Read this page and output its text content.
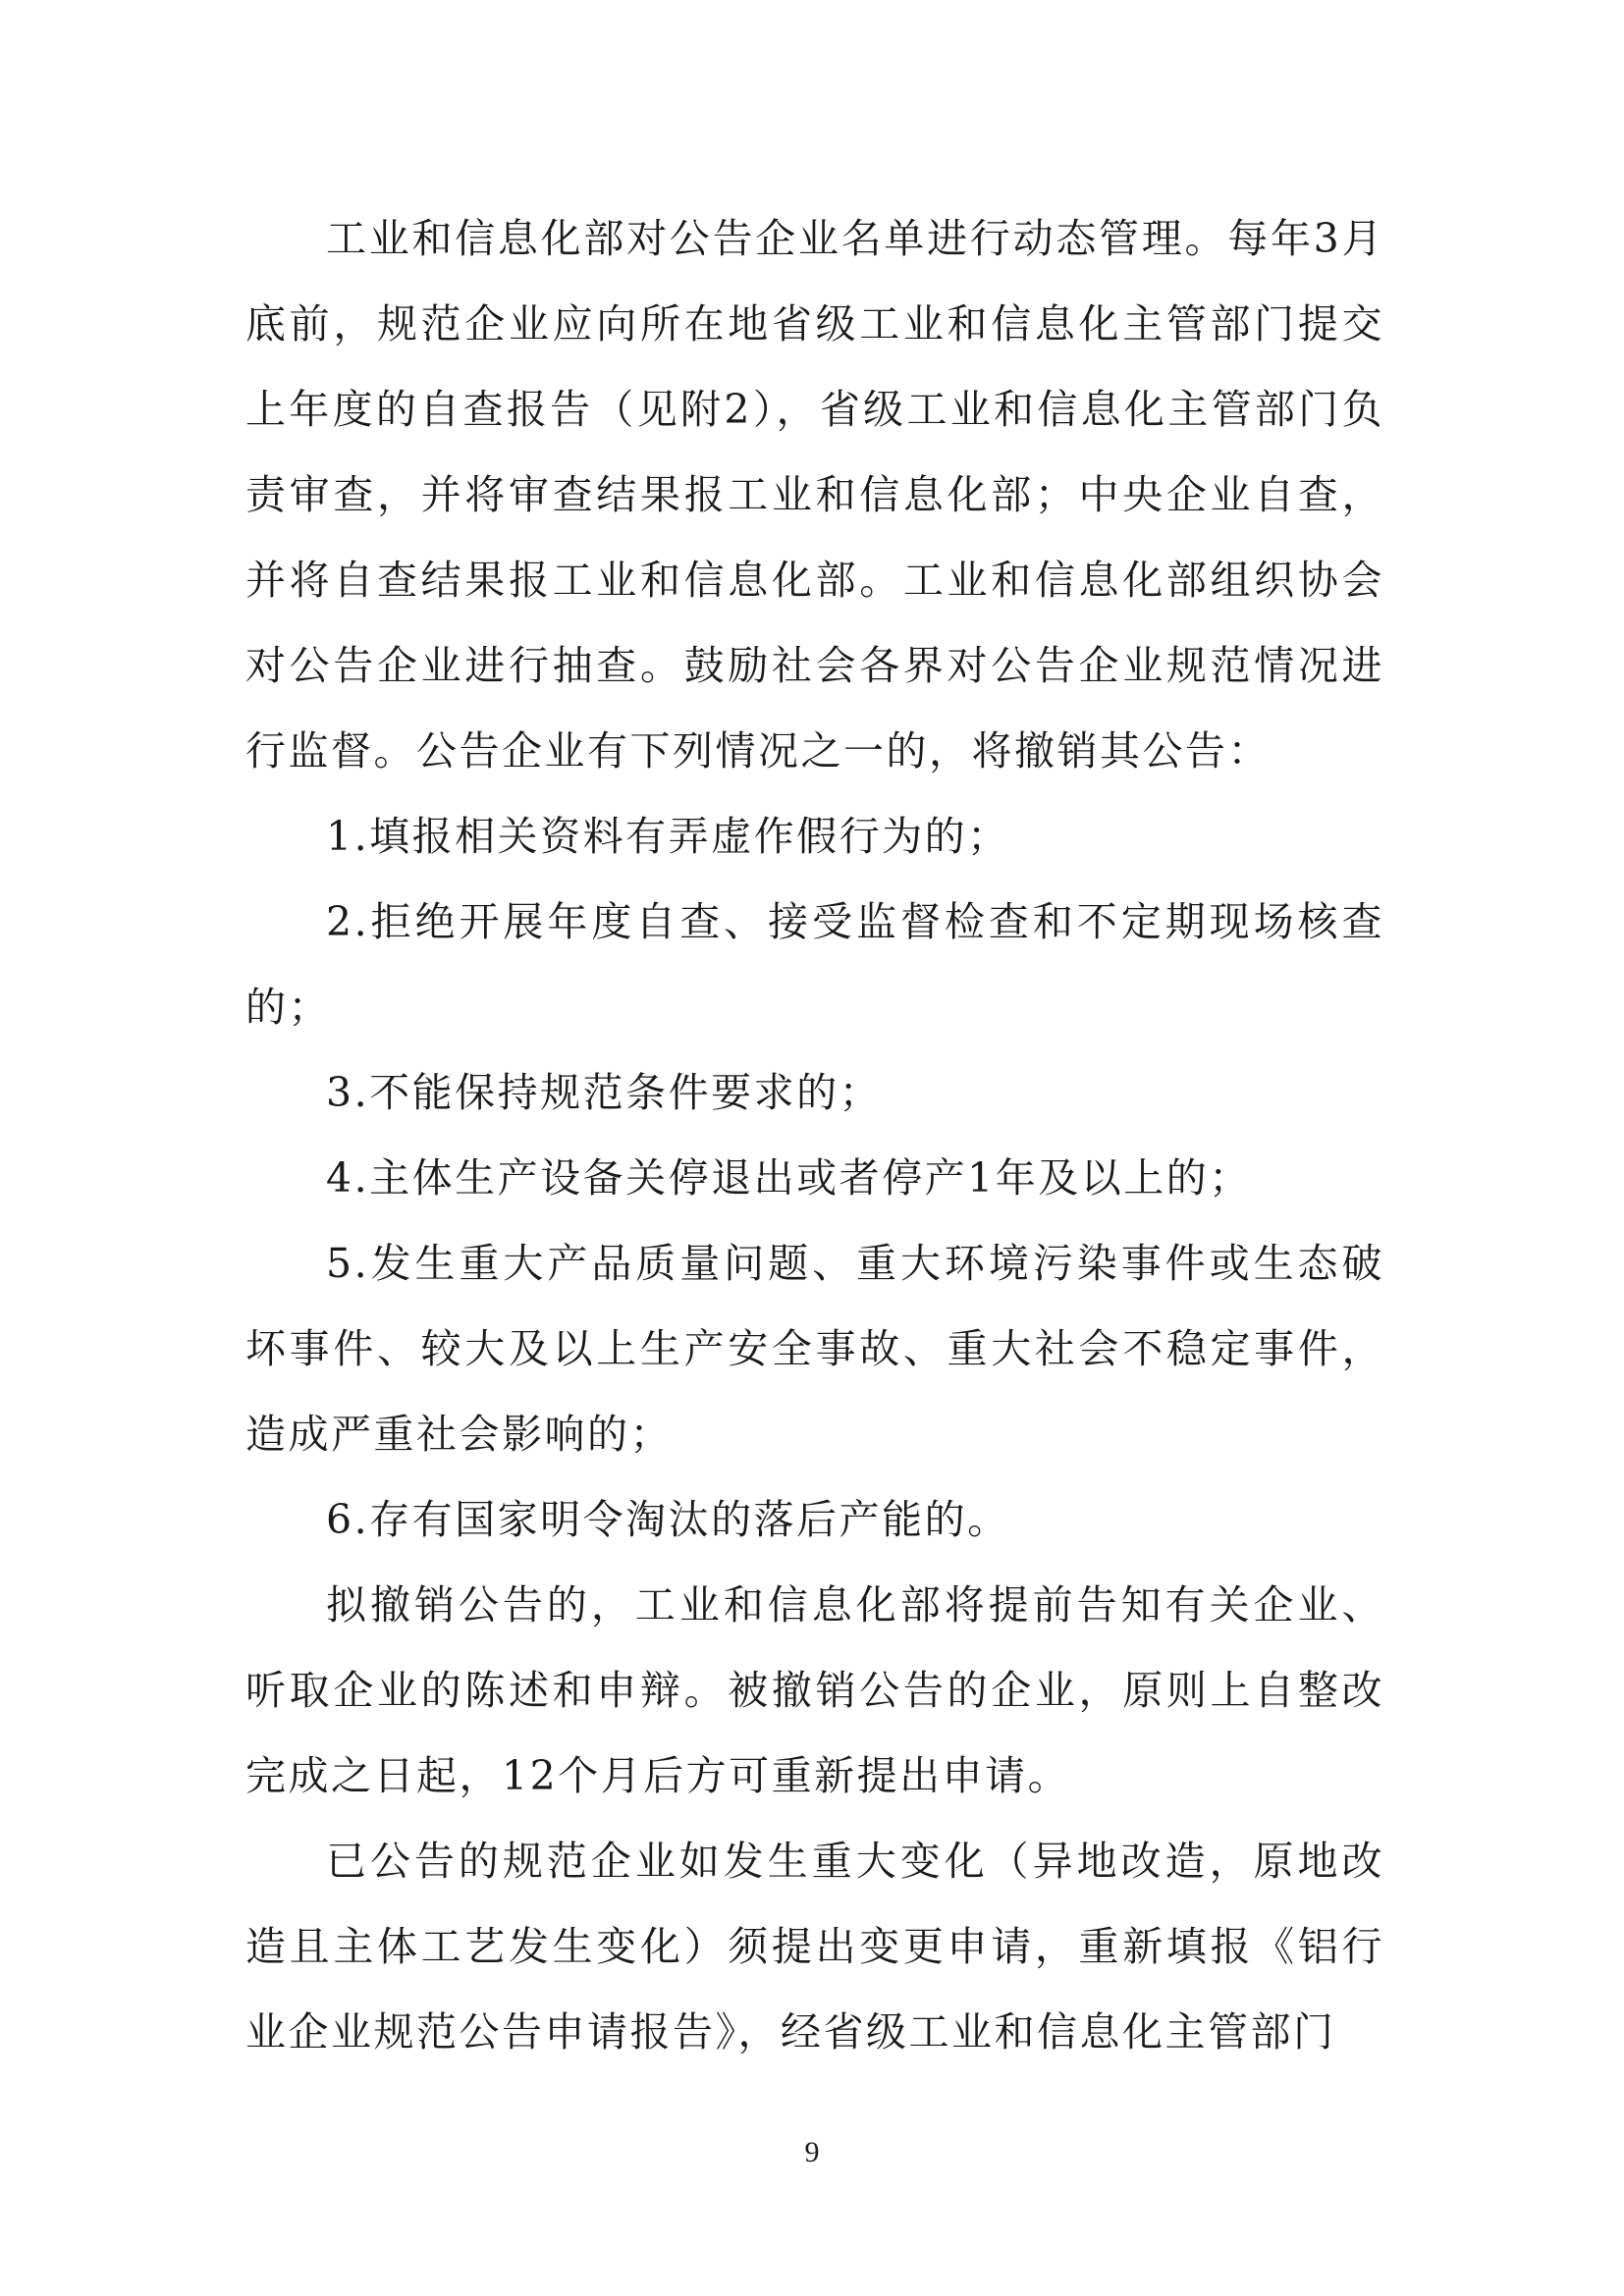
工业和信息化部对公告企业名单进行动态管理。每年3月底前，规范企业应向所在地省级工业和信息化主管部门提交上年度的自查报告（见附2），省级工业和信息化主管部门负责审查，并将审查结果报工业和信息化部；中央企业自查，并将自查结果报工业和信息化部。工业和信息化部组织协会对公告企业进行抽查。鼓励社会各界对公告企业规范情况进行监督。公告企业有下列情况之一的，将撤销其公告：

1.填报相关资料有弄虚作假行为的；

2.拒绝开展年度自查、接受监督检查和不定期现场核查的；

3.不能保持规范条件要求的；

4.主体生产设备关停退出或者停产1年及以上的；

5.发生重大产品质量问题、重大环境污染事件或生态破坏事件、较大及以上生产安全事故、重大社会不稳定事件，造成严重社会影响的；

6.存有国家明令淘汰的落后产能的。

拟撤销公告的，工业和信息化部将提前告知有关企业、听取企业的陈述和申辩。被撤销公告的企业，原则上自整改完成之日起，12个月后方可重新提出申请。

已公告的规范企业如发生重大变化（异地改造，原地改造且主体工艺发生变化）须提出变更申请，重新填报《铝行业企业规范公告申请报告》，经省级工业和信息化主管部门

9
